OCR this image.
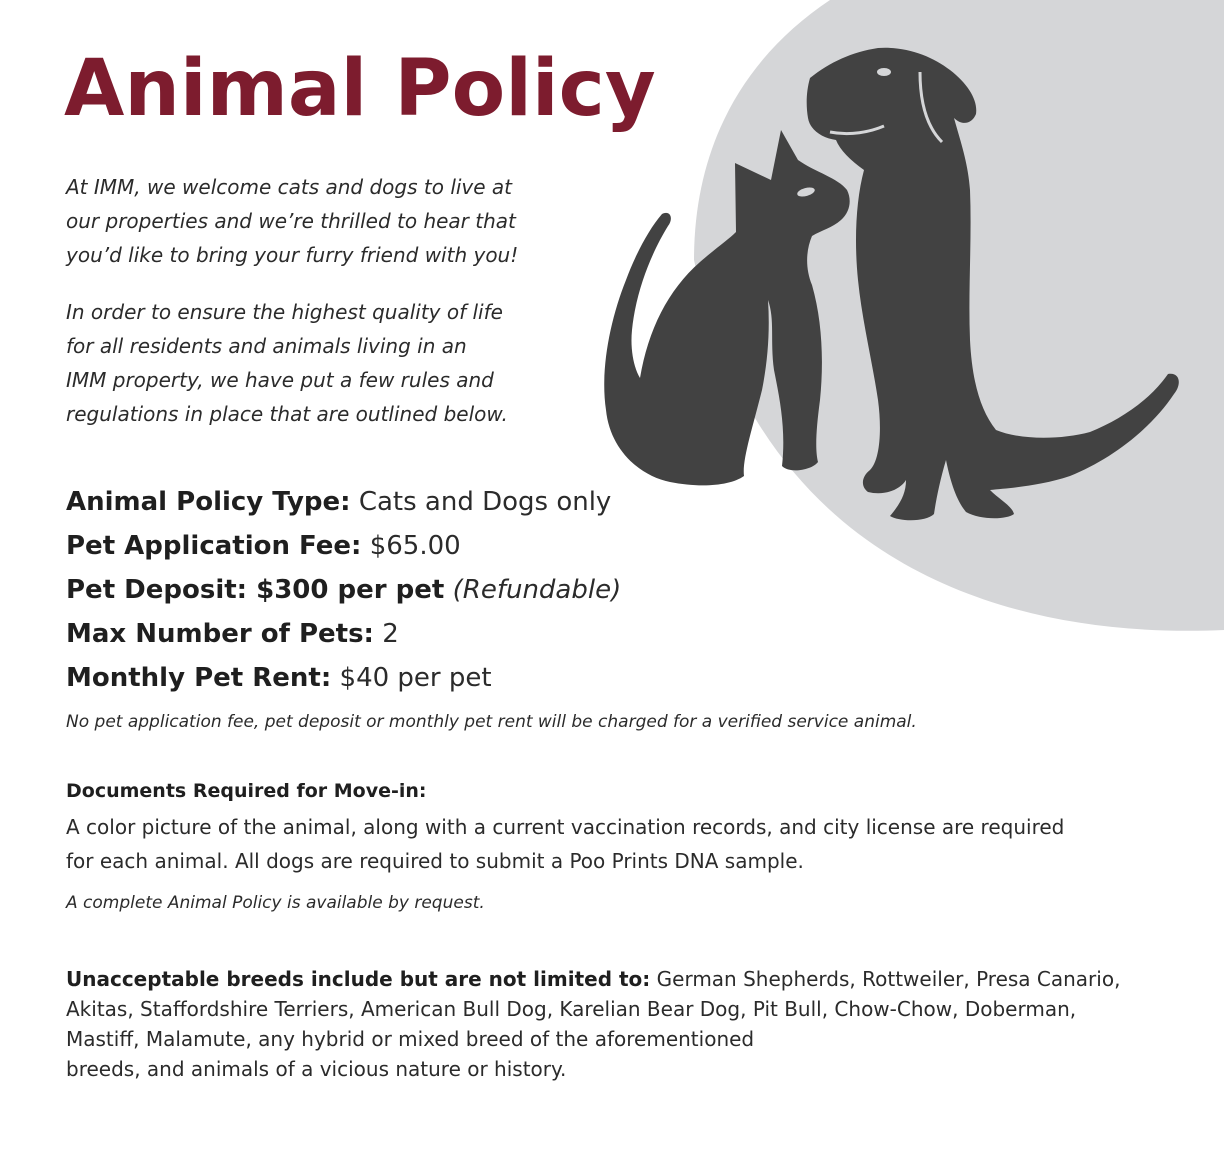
Animal Policy

At IMM, we welcome cats and dogs to live at
our properties and we’re thrilled to hear that
you’d like to bring your furry friend with you!

In order to ensure the highest quality of life
for all residents and animals living in an
IMM property, we have put a few rules and
regulations in place that are outlined below.

Animal Policy Type: Cats and Dogs only
Pet Application Fee: $65.00
Pet Deposit: $300 per pet (Refundable)
Max Number of Pets: 2
Monthly Pet Rent: $40 per pet
No pet application fee, pet deposit or monthly pet rent will be charged for a verified service animal.
Documents Required for Move-in:
A color picture of the animal, along with a current vaccination records, and city license are required
for each animal. All dogs are required to submit a Poo Prints DNA sample.
A complete Animal Policy is available by request.
Unacceptable breeds include but are not limited to: German Shepherds, Rottweiler, Presa Canario,
Akitas, Staffordshire Terriers, American Bull Dog, Karelian Bear Dog, Pit Bull, Chow-Chow, Doberman,
Mastiff, Malamute, any hybrid or mixed breed of the aforementioned
breeds, and animals of a vicious nature or history.
